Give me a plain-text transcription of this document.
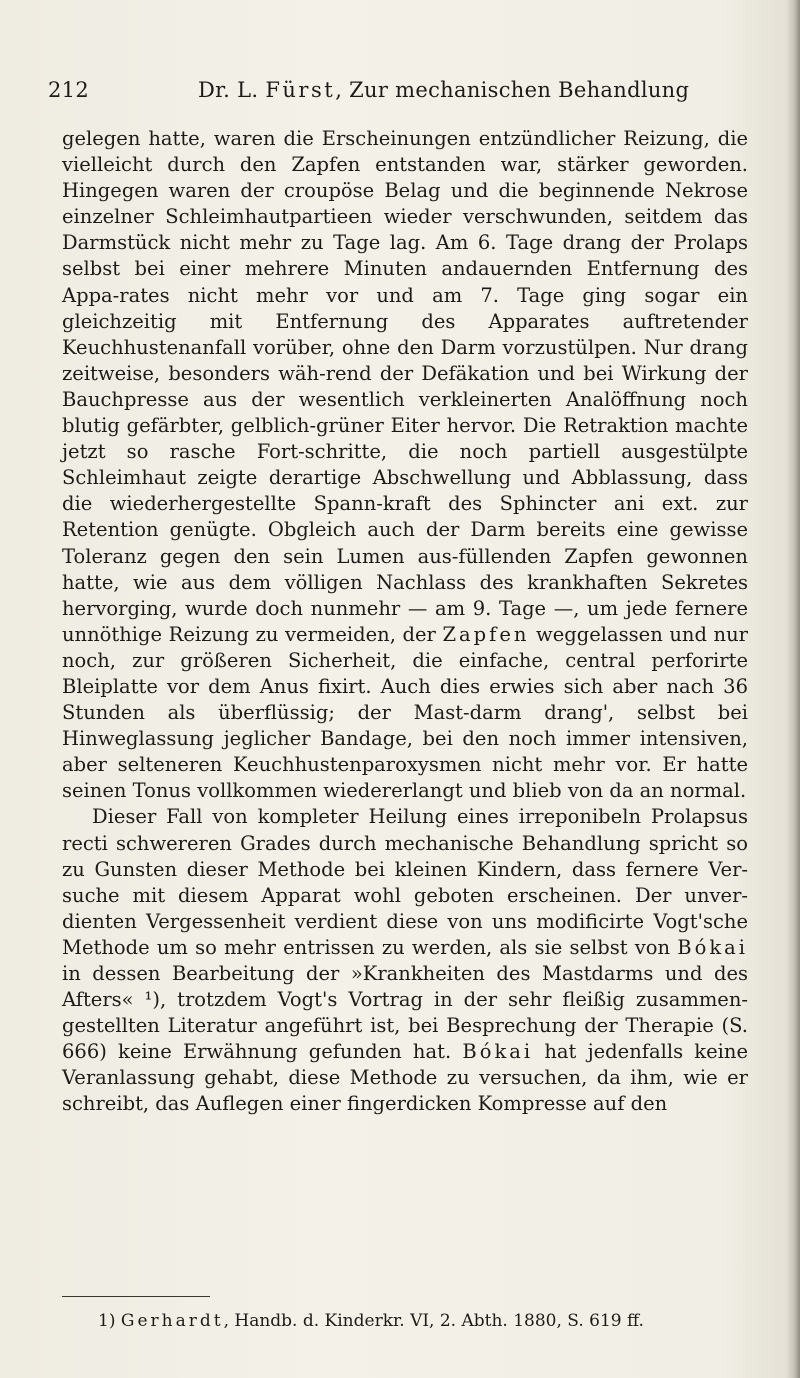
212	Dr. L. Fürst, Zur mechanischen Behandlung

gelegen hatte, waren die Erscheinungen entzündlicher Reizung, die vielleicht durch den Zapfen entstanden war, stärker geworden. Hingegen waren der croupöse Belag und die beginnende Nekrose einzelner Schleimhautpartieen wieder verschwunden, seitdem das Darmstück nicht mehr zu Tage lag. Am 6. Tage drang der Prolaps selbst bei einer mehrere Minuten andauernden Entfernung des Appa-rates nicht mehr vor und am 7. Tage ging sogar ein gleichzeitig mit Entfernung des Apparates auftretender Keuchhustenanfall vorüber, ohne den Darm vorzustülpen. Nur drang zeitweise, besonders wäh-rend der Defäkation und bei Wirkung der Bauchpresse aus der wesentlich verkleinerten Analöffnung noch blutig gefärbter, gelblich-grüner Eiter hervor. Die Retraktion machte jetzt so rasche Fort-schritte, die noch partiell ausgestülpte Schleimhaut zeigte derartige Abschwellung und Abblassung, dass die wiederhergestellte Spann-kraft des Sphincter ani ext. zur Retention genügte. Obgleich auch der Darm bereits eine gewisse Toleranz gegen den sein Lumen aus-füllenden Zapfen gewonnen hatte, wie aus dem völligen Nachlass des krankhaften Sekretes hervorging, wurde doch nunmehr — am 9. Tage —, um jede fernere unnöthige Reizung zu vermeiden, der Zapfen weggelassen und nur noch, zur größeren Sicherheit, die einfache, central perforirte Bleiplatte vor dem Anus fixirt. Auch dies erwies sich aber nach 36 Stunden als überflüssig; der Mast-darm drang', selbst bei Hinweglassung jeglicher Bandage, bei den noch immer intensiven, aber selteneren Keuchhustenparoxysmen nicht mehr vor. Er hatte seinen Tonus vollkommen wiedererlangt und blieb von da an normal.

Dieser Fall von kompleter Heilung eines irreponibeln Prolapsus recti schwereren Grades durch mechanische Behandlung spricht so zu Gunsten dieser Methode bei kleinen Kindern, dass fernere Ver-suche mit diesem Apparat wohl geboten erscheinen. Der unver-dienten Vergessenheit verdient diese von uns modificirte Vogt'sche Methode um so mehr entrissen zu werden, als sie selbst von Bókai in dessen Bearbeitung der »Krankheiten des Mastdarms und des Afters« ¹), trotzdem Vogt's Vortrag in der sehr fleißig zusammen-gestellten Literatur angeführt ist, bei Besprechung der Therapie (S. 666) keine Erwähnung gefunden hat. Bókai hat jedenfalls keine Veranlassung gehabt, diese Methode zu versuchen, da ihm, wie er schreibt, das Auflegen einer fingerdicken Kompresse auf den

1) Gerhardt, Handb. d. Kinderkr. VI, 2. Abth. 1880, S. 619 ff.
